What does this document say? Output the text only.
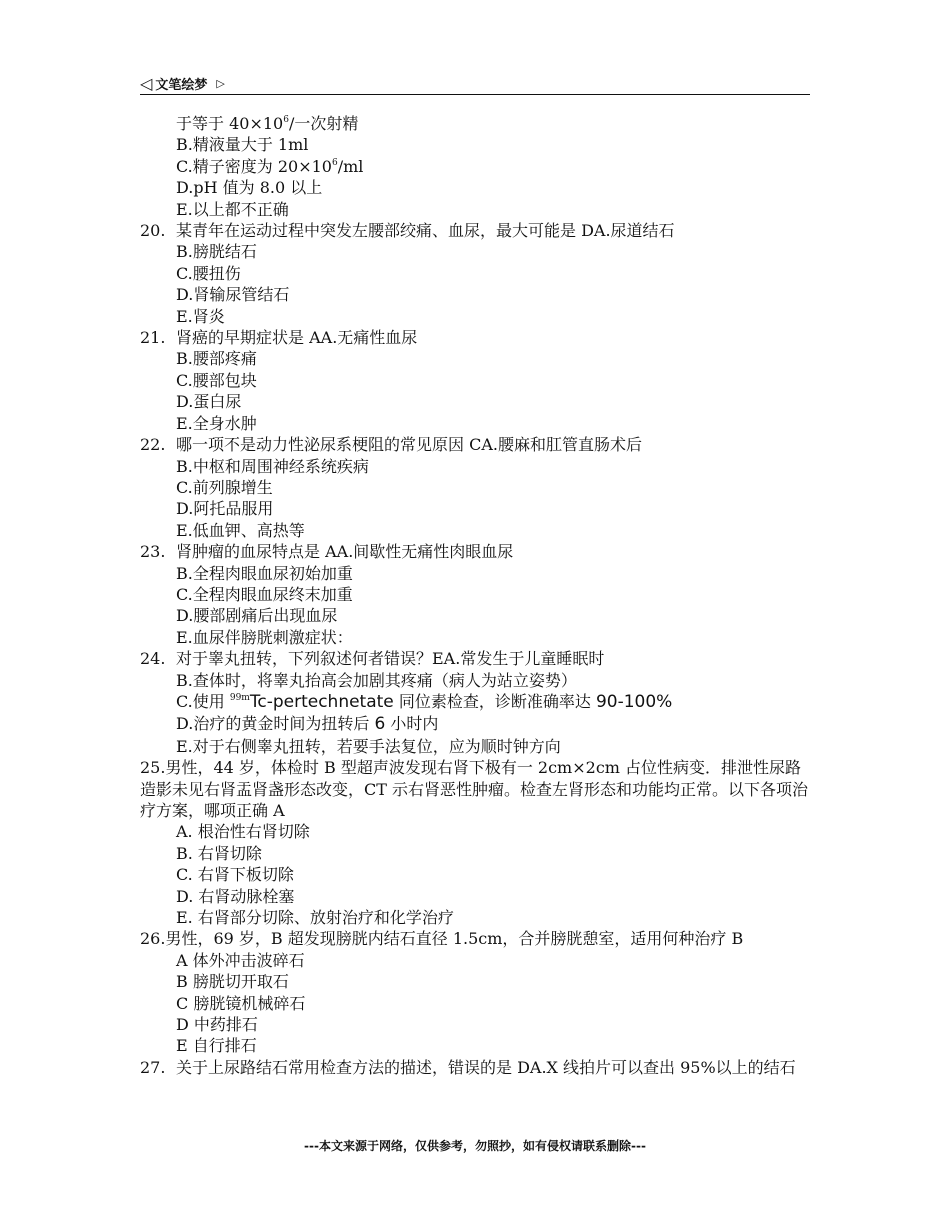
◁ 文笔绘梦 ▷
于等于 $40\times 10^6/$一次射精
B.精液量大于 1ml
C.精子密度为 $20\times 10^6/ml$
D.pH 值为 8.0 以上
E.以上都不正确
20. 某青年在运动过程中突发左腰部绞痛、血尿，最大可能是 DA.尿道结石
B.膀胱结石
C.腰扭伤
D.肾输尿管结石
E.肾炎
21. 肾癌的早期症状是 AA.无痛性血尿
B.腰部疼痛
C.腰部包块
D.蛋白尿
E.全身水肿
22. 哪一项不是动力性泌尿系梗阻的常见原因 CA.腰麻和肛管直肠术后
B.中枢和周围神经系统疾病
C.前列腺增生
D.阿托品服用
E.低血钾、高热等
23. 肾肿瘤的血尿特点是 AA.间歇性无痛性肉眼血尿
B.全程肉眼血尿初始加重
C.全程肉眼血尿终末加重
D.腰部剧痛后出现血尿
E.血尿伴膀胱刺激症状：
24. 对于睾丸扭转，下列叙述何者错误？EA.常发生于儿童睡眠时
B.查体时，将睾丸抬高会加剧其疼痛（病人为站立姿势）
C.使用 $^{99m}$Tc-pertechnetate 同位素检查，诊断准确率达 90-100%
D.治疗的黄金时间为扭转后 6 小时内
E.对于右侧睾丸扭转，若要手法复位，应为顺时钟方向
25.男性，44 岁，体检时 B 型超声波发现右肾下极有一 2cm×2cm 占位性病变．排泄性尿路造影未见右肾盂肾盏形态改变，CT 示右肾恶性肿瘤。检查左肾形态和功能均正常。以下各项治疗方案，哪项正确 A
A. 根治性右肾切除
B. 右肾切除
C. 右肾下板切除
D. 右肾动脉栓塞
E. 右肾部分切除、放射治疗和化学治疗
26.男性，69 岁，B 超发现膀胱内结石直径 1.5cm，合并膀胱憩室，适用何种治疗 B
A 体外冲击波碎石
B 膀胱切开取石
C 膀胱镜机械碎石
D 中药排石
E 自行排石
27. 关于上尿路结石常用检查方法的描述，错误的是 DA.X 线拍片可以查出 95%以上的结石
---本文来源于网络，仅供参考，勿照抄，如有侵权请联系删除---
